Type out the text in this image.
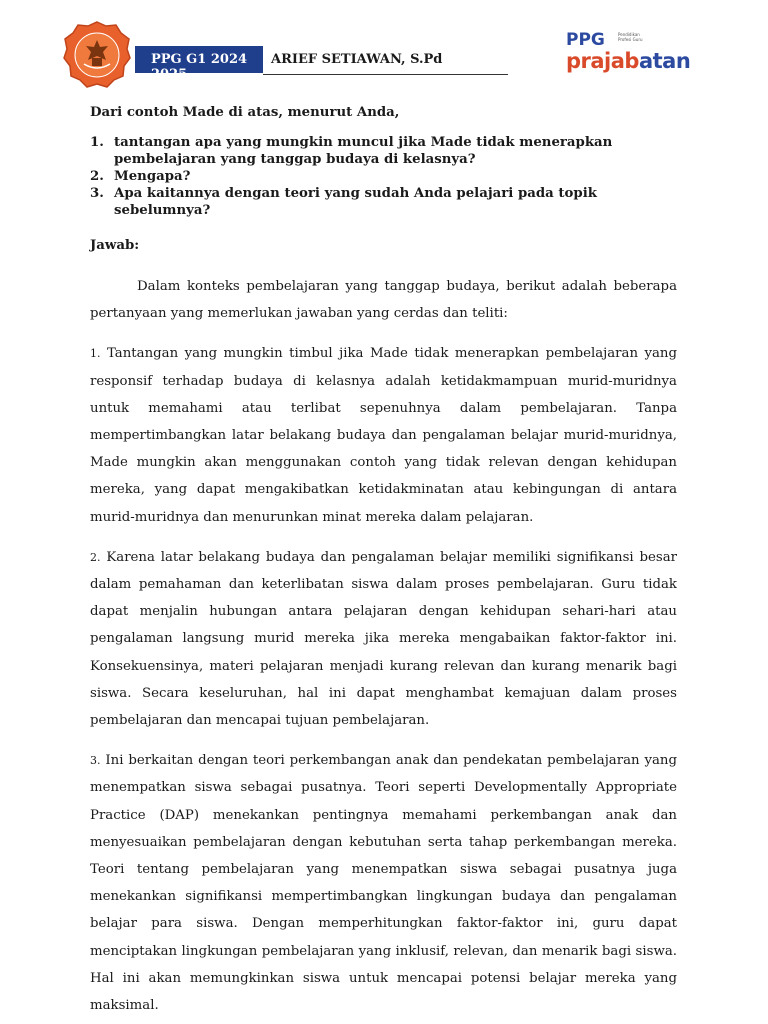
PPG G1 2024 2025
ARIEF SETIAWAN, S.Pd
PPG	Pendidikan Profesi Guru
prajabatan

Dari contoh Made di atas, menurut Anda,

1. tantangan apa yang mungkin muncul jika Made tidak menerapkan pembelajaran yang tanggap budaya di kelasnya?
2. Mengapa?
3. Apa kaitannya dengan teori yang sudah Anda pelajari pada topik sebelumnya?
Jawab:

Dalam konteks pembelajaran yang tanggap budaya, berikut adalah beberapa pertanyaan yang memerlukan jawaban yang cerdas dan teliti:

1. Tantangan yang mungkin timbul jika Made tidak menerapkan pembelajaran yang responsif terhadap budaya di kelasnya adalah ketidakmampuan murid-muridnya untuk memahami atau terlibat sepenuhnya dalam pembelajaran. Tanpa mempertimbangkan latar belakang budaya dan pengalaman belajar murid-muridnya, Made mungkin akan menggunakan contoh yang tidak relevan dengan kehidupan mereka, yang dapat mengakibatkan ketidakminatan atau kebingungan di antara murid-muridnya dan menurunkan minat mereka dalam pelajaran.

2. Karena latar belakang budaya dan pengalaman belajar memiliki signifikansi besar dalam pemahaman dan keterlibatan siswa dalam proses pembelajaran. Guru tidak dapat menjalin hubungan antara pelajaran dengan kehidupan sehari-hari atau pengalaman langsung murid mereka jika mereka mengabaikan faktor-faktor ini. Konsekuensinya, materi pelajaran menjadi kurang relevan dan kurang menarik bagi siswa. Secara keseluruhan, hal ini dapat menghambat kemajuan dalam proses pembelajaran dan mencapai tujuan pembelajaran.

3. Ini berkaitan dengan teori perkembangan anak dan pendekatan pembelajaran yang menempatkan siswa sebagai pusatnya. Teori seperti Developmentally Appropriate Practice (DAP) menekankan pentingnya memahami perkembangan anak dan menyesuaikan pembelajaran dengan kebutuhan serta tahap perkembangan mereka. Teori tentang pembelajaran yang menempatkan siswa sebagai pusatnya juga menekankan signifikansi mempertimbangkan lingkungan budaya dan pengalaman belajar para siswa. Dengan memperhitungkan faktor-faktor ini, guru dapat menciptakan lingkungan pembelajaran yang inklusif, relevan, dan menarik bagi siswa. Hal ini akan memungkinkan siswa untuk mencapai potensi belajar mereka yang maksimal.
